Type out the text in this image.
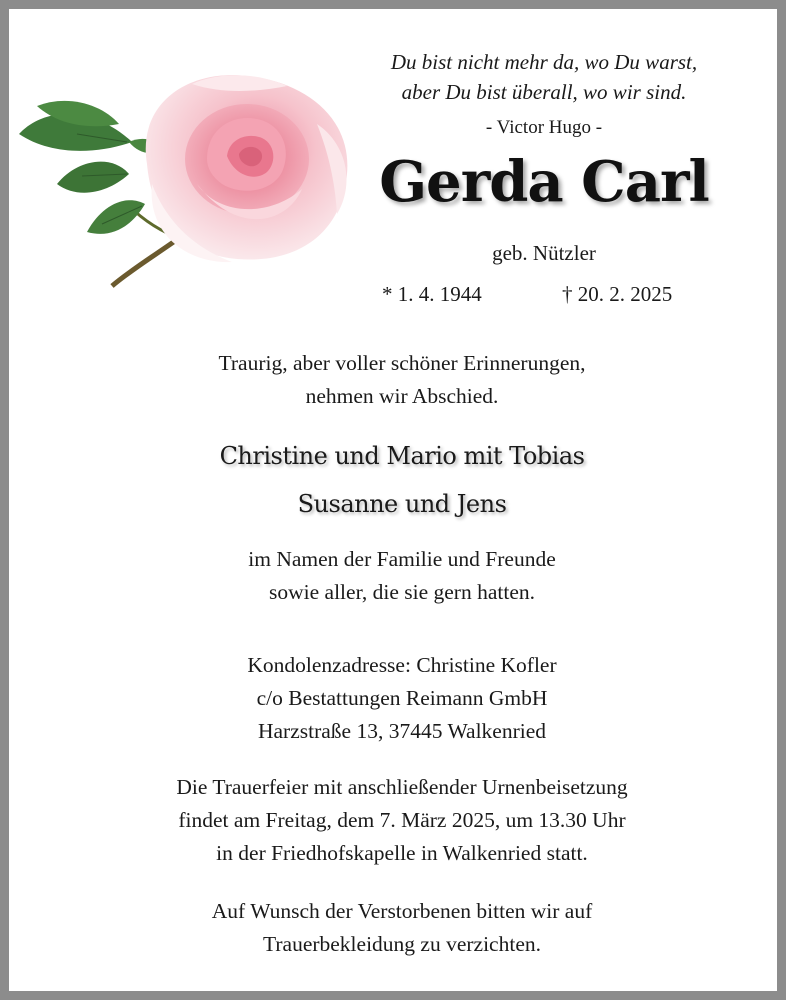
Du bist nicht mehr da, wo Du warst,
aber Du bist überall, wo wir sind.
- Victor Hugo -
Gerda Carl
geb. Nützler
* 1. 4. 1944	† 20. 2. 2025
Traurig, aber voller schöner Erinnerungen,
nehmen wir Abschied.
Christine und Mario mit Tobias
Susanne und Jens
im Namen der Familie und Freunde
sowie aller, die sie gern hatten.
Kondolenzadresse: Christine Kofler
c/o Bestattungen Reimann GmbH
Harzstraße 13, 37445 Walkenried
Die Trauerfeier mit anschließender Urnenbeisetzung
findet am Freitag, dem 7. März 2025, um 13.30 Uhr
in der Friedhofskapelle in Walkenried statt.
Auf Wunsch der Verstorbenen bitten wir auf
Trauerbekleidung zu verzichten.
